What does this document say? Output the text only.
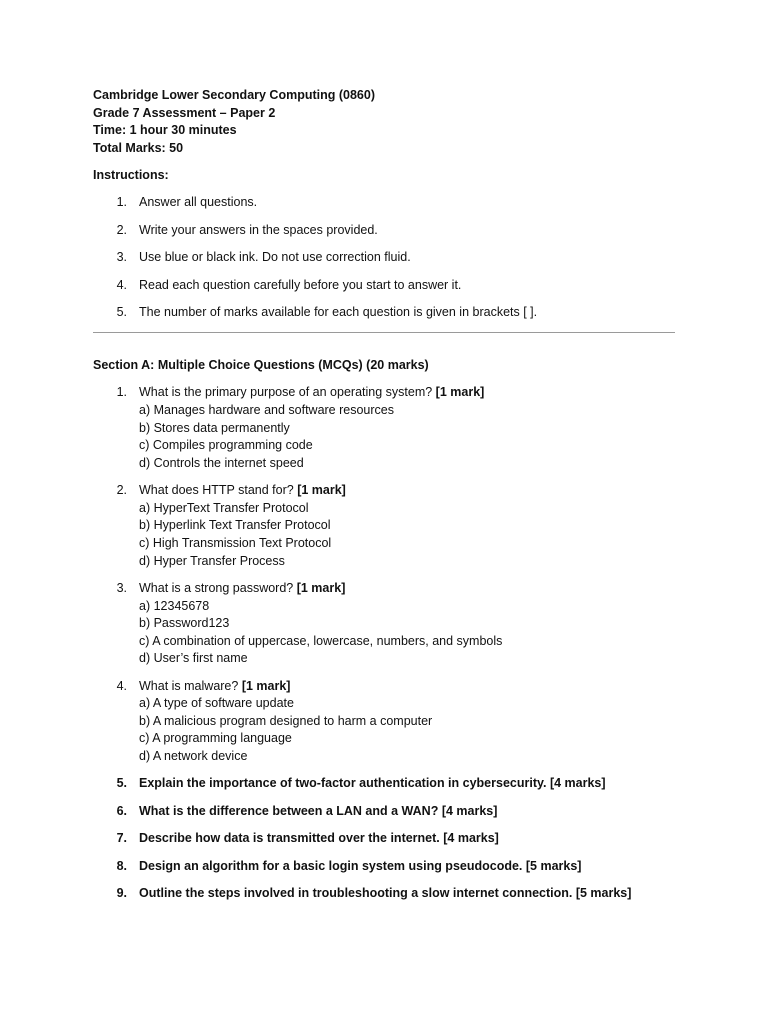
Cambridge Lower Secondary Computing (0860)
Grade 7 Assessment – Paper 2
Time: 1 hour 30 minutes
Total Marks: 50
Instructions:
1. Answer all questions.
2. Write your answers in the spaces provided.
3. Use blue or black ink. Do not use correction fluid.
4. Read each question carefully before you start to answer it.
5. The number of marks available for each question is given in brackets [ ].
Section A: Multiple Choice Questions (MCQs) (20 marks)
1. What is the primary purpose of an operating system? [1 mark]
a) Manages hardware and software resources
b) Stores data permanently
c) Compiles programming code
d) Controls the internet speed
2. What does HTTP stand for? [1 mark]
a) HyperText Transfer Protocol
b) Hyperlink Text Transfer Protocol
c) High Transmission Text Protocol
d) Hyper Transfer Process
3. What is a strong password? [1 mark]
a) 12345678
b) Password123
c) A combination of uppercase, lowercase, numbers, and symbols
d) User’s first name
4. What is malware? [1 mark]
a) A type of software update
b) A malicious program designed to harm a computer
c) A programming language
d) A network device
5. Explain the importance of two-factor authentication in cybersecurity. [4 marks]
6. What is the difference between a LAN and a WAN? [4 marks]
7. Describe how data is transmitted over the internet. [4 marks]
8. Design an algorithm for a basic login system using pseudocode. [5 marks]
9. Outline the steps involved in troubleshooting a slow internet connection. [5 marks]
